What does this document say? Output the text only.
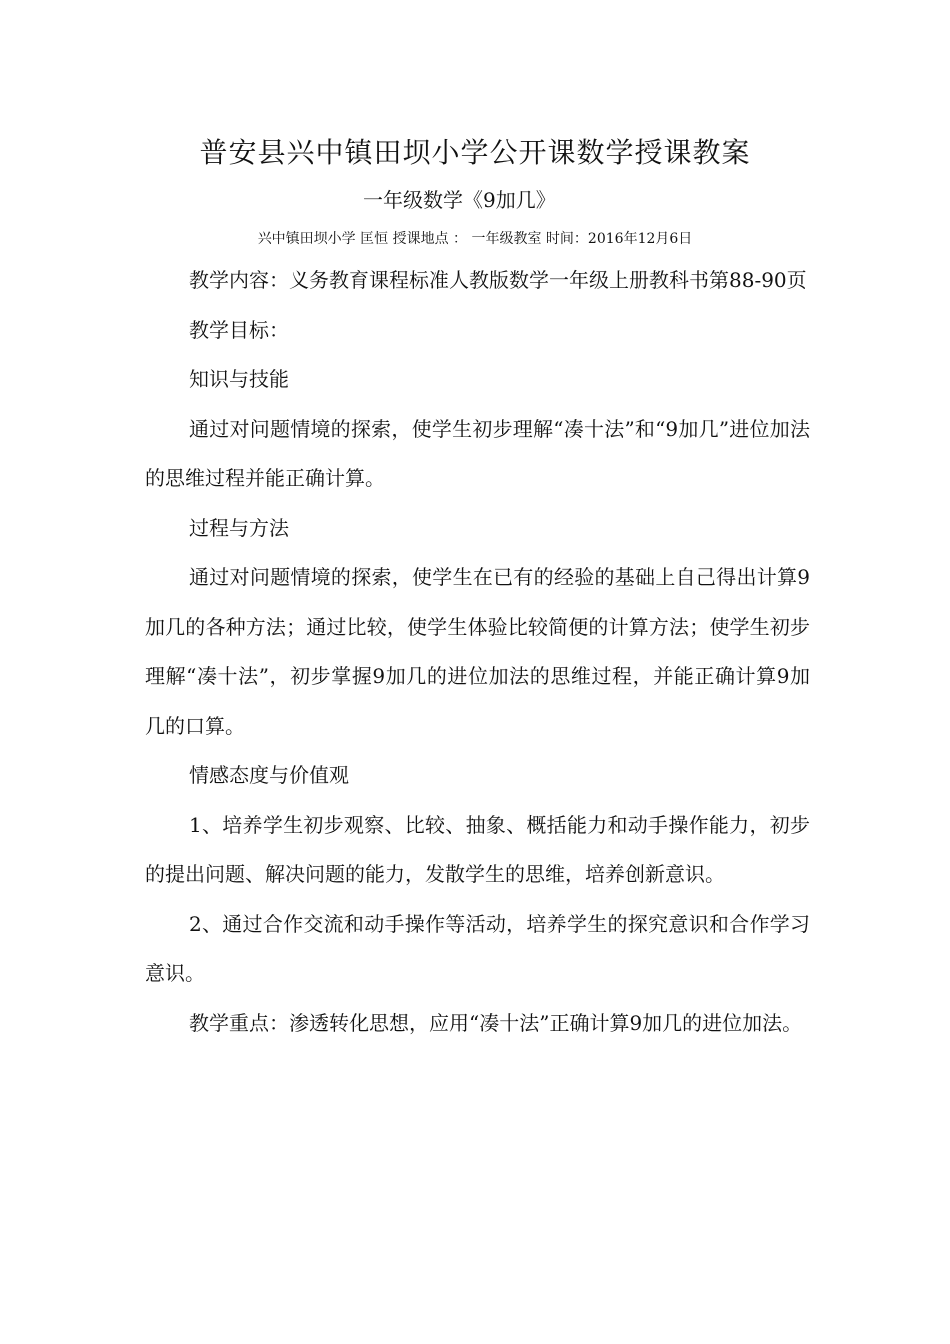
普安县兴中镇田坝小学公开课数学授课教案
一年级数学《9加几》
兴中镇田坝小学 匡恒 授课地点 ： 一年级教室 时间：2016年12月6日

教学内容：义务教育课程标准人教版数学一年级上册教科书第88-90页

教学目标：

知识与技能

通过对问题情境的探索，使学生初步理解“凑十法”和“9加几”进位加法的思维过程并能正确计算。

过程与方法

通过对问题情境的探索，使学生在已有的经验的基础上自己得出计算9加几的各种方法；通过比较，使学生体验比较简便的计算方法；使学生初步理解“凑十法”，初步掌握9加几的进位加法的思维过程，并能正确计算9加几的口算。

情感态度与价值观

1、培养学生初步观察、比较、抽象、概括能力和动手操作能力，初步的提出问题、解决问题的能力，发散学生的思维，培养创新意识。

2、通过合作交流和动手操作等活动，培养学生的探究意识和合作学习意识。

教学重点：渗透转化思想，应用“凑十法”正确计算9加几的进位加法。
